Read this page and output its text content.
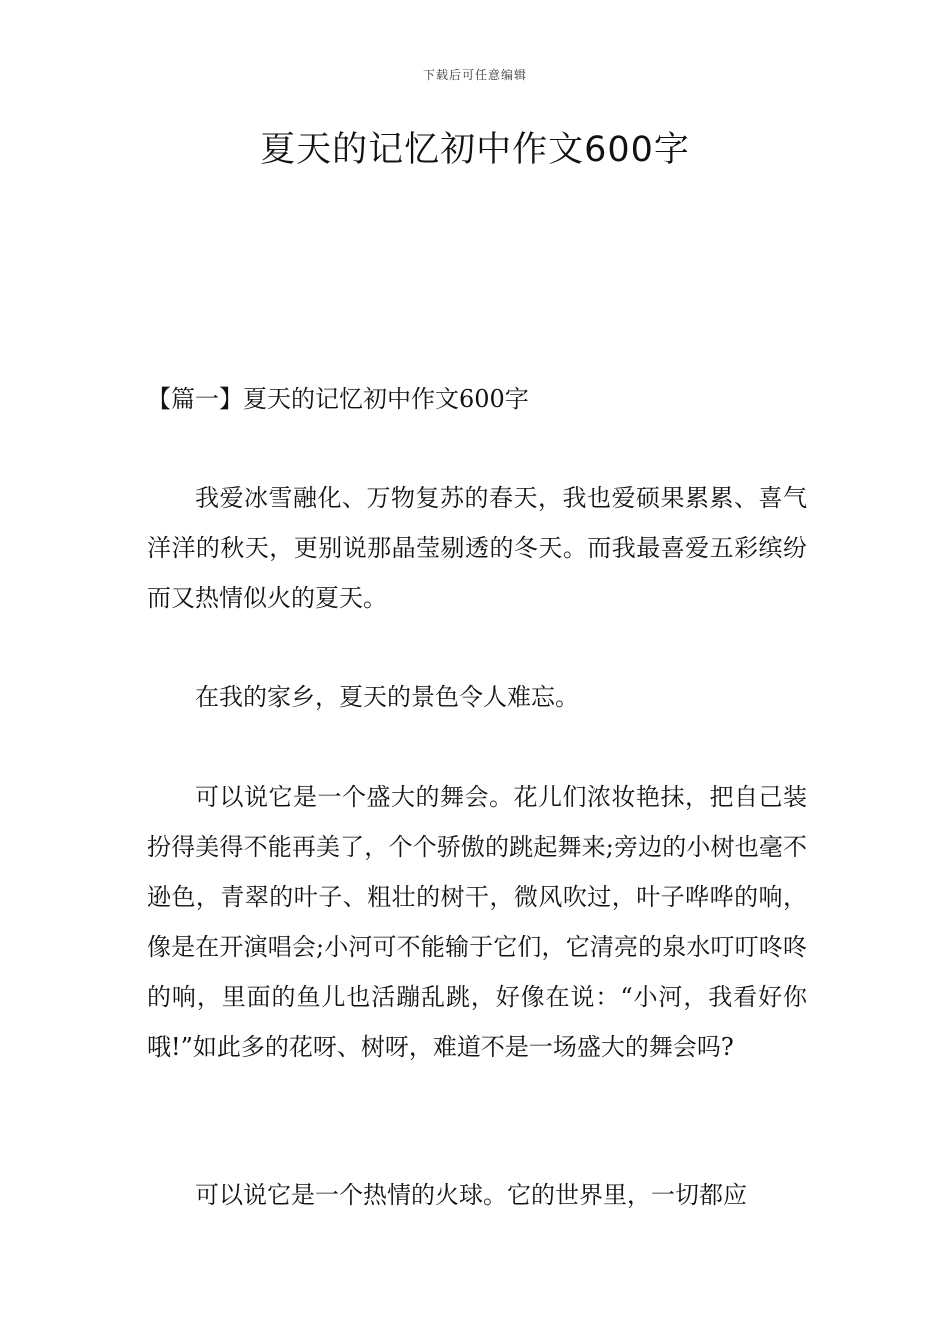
下载后可任意编辑
夏天的记忆初中作文600字

【篇一】夏天的记忆初中作文600字

我爱冰雪融化、万物复苏的春天，我也爱硕果累累、喜气洋洋的秋天，更别说那晶莹剔透的冬天。而我最喜爱五彩缤纷而又热情似火的夏天。

在我的家乡，夏天的景色令人难忘。

可以说它是一个盛大的舞会。花儿们浓妆艳抹，把自己装扮得美得不能再美了，个个骄傲的跳起舞来;旁边的小树也毫不逊色，青翠的叶子、粗壮的树干，微风吹过，叶子哗哗的响，像是在开演唱会;小河可不能输于它们，它清亮的泉水叮叮咚咚的响，里面的鱼儿也活蹦乱跳，好像在说：“小河，我看好你哦!”如此多的花呀、树呀，难道不是一场盛大的舞会吗?

可以说它是一个热情的火球。它的世界里，一切都应
